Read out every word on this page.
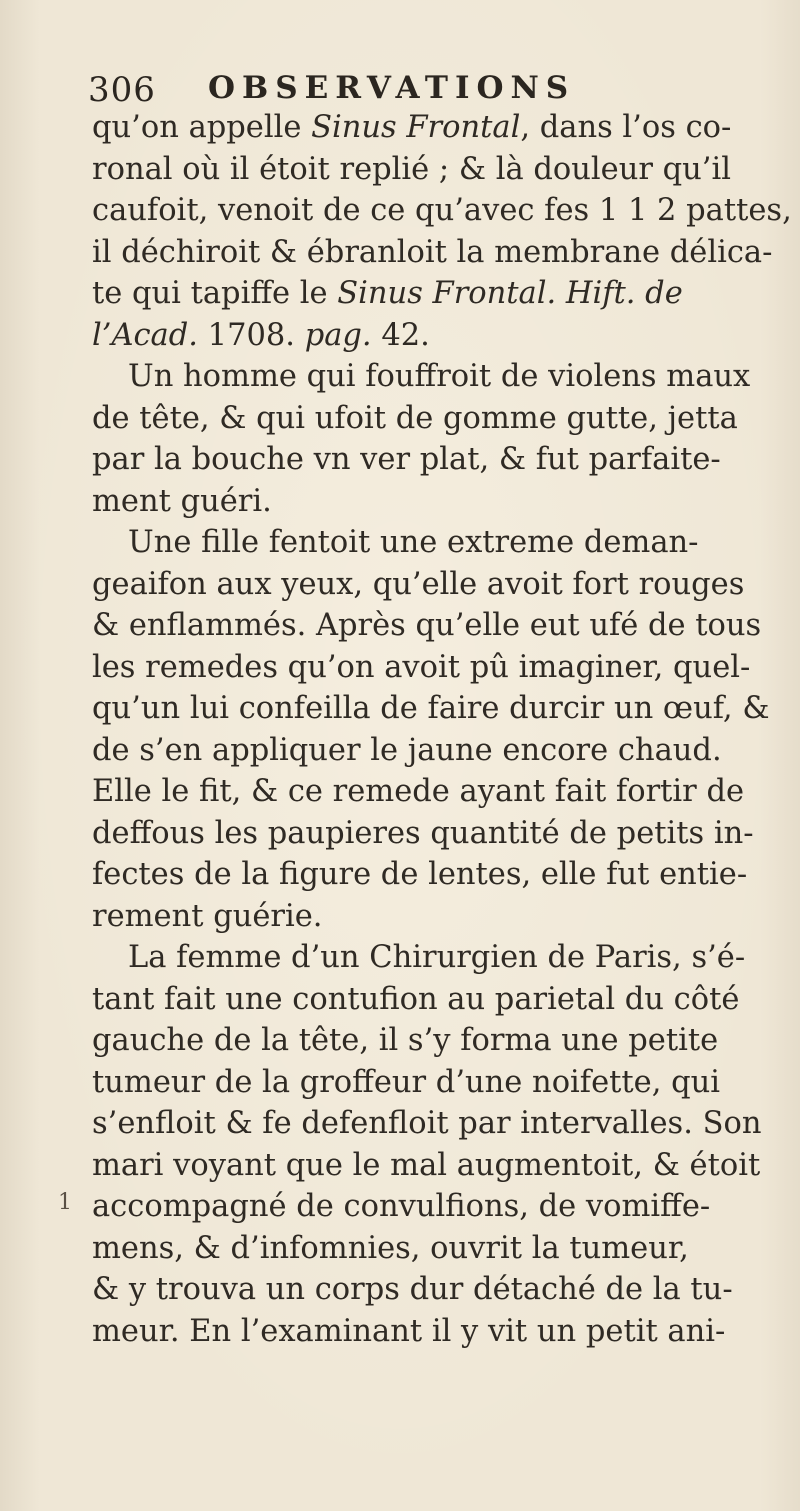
306 OBSERVATIONS
qu’on appelle Sinus Frontal, dans l’os co-
ronal où il étoit replié ; & là douleur qu’il
caufoit, venoit de ce qu’avec fes 1 1 2 pattes,
il déchiroit & ébranloit la membrane délica-
te qui tapiffe le Sinus Frontal. Hift. de
l’Acad. 1708. pag. 42.
Un homme qui fouffroit de violens maux
de tête, & qui ufoit de gomme gutte, jetta
par la bouche vn ver plat, & fut parfaite-
ment guéri.
Une fille fentoit une extreme deman-
geaifon aux yeux, qu’elle avoit fort rouges
& enflammés. Après qu’elle eut ufé de tous
les remedes qu’on avoit pû imaginer, quel-
qu’un lui confeilla de faire durcir un œuf, &
de s’en appliquer le jaune encore chaud.
Elle le fit, & ce remede ayant fait fortir de
deffous les paupieres quantité de petits in-
fectes de la figure de lentes, elle fut entie-
rement guérie.
La femme d’un Chirurgien de Paris, s’é-
tant fait une contufion au parietal du côté
gauche de la tête, il s’y forma une petite
tumeur de la groffeur d’une noifette, qui
s’enfloit & fe defenfloit par intervalles. Son
mari voyant que le mal augmentoit, & étoit
accompagné de convulfions, de vomiffe-
mens, & d’infomnies, ouvrit la tumeur,
& y trouva un corps dur détaché de la tu-
meur. En l’examinant il y vit un petit ani-
1
